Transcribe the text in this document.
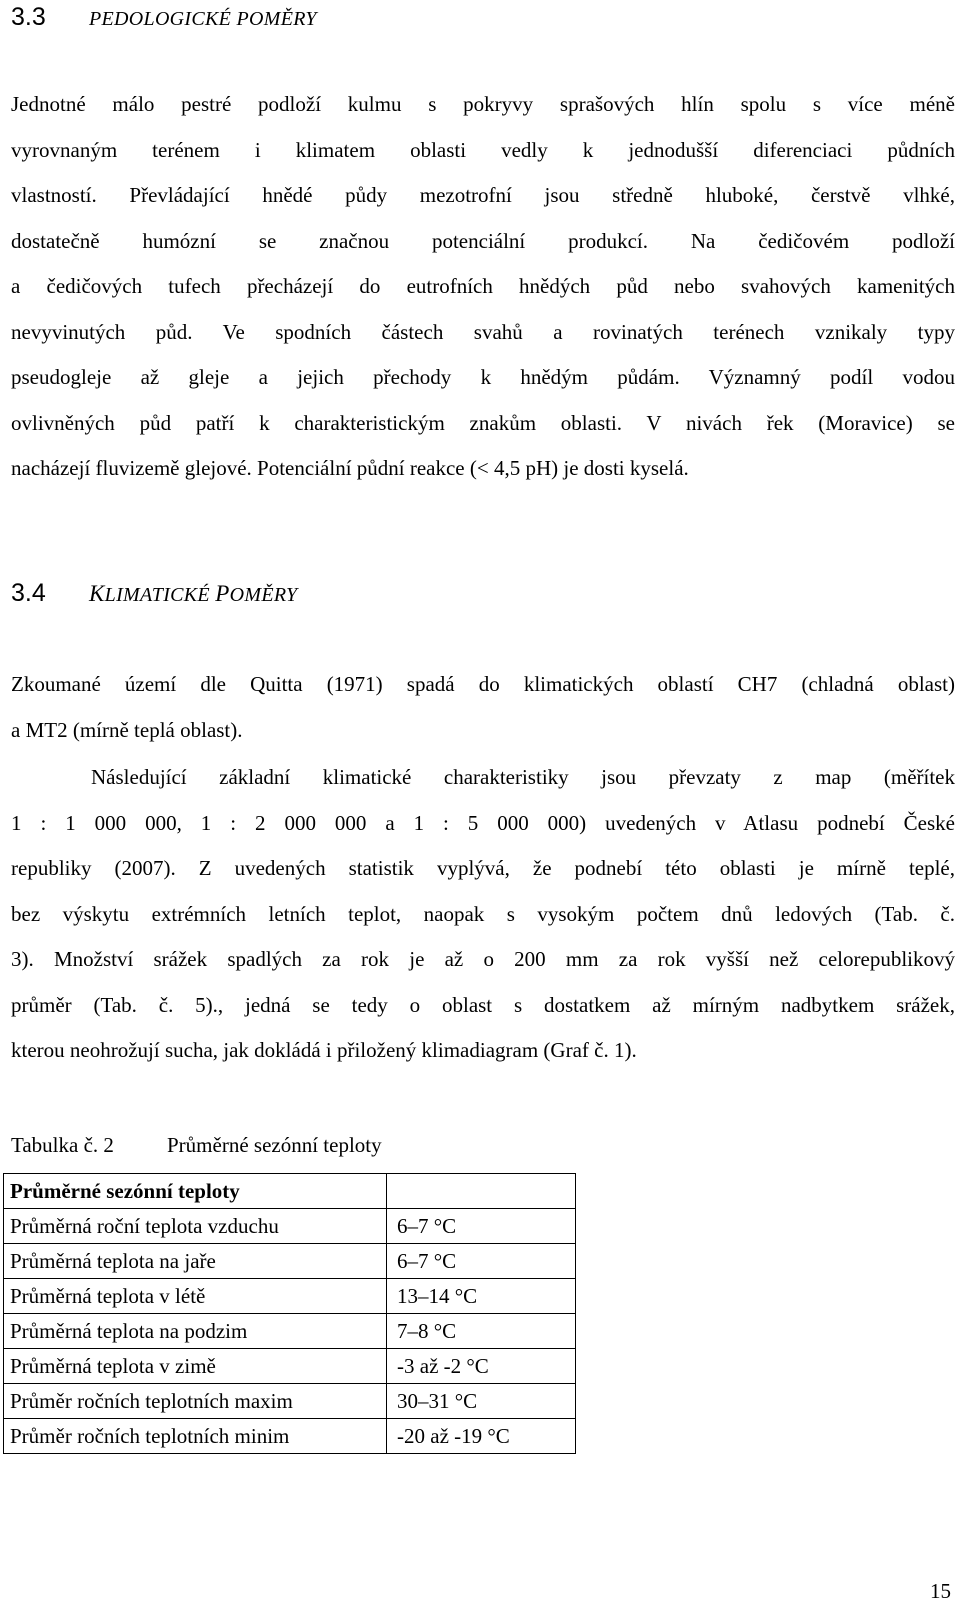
3.3 PEDOLOGICKÉ POMĚRY
Jednotné málo pestré podloží kulmu s pokryvy sprašových hlín spolu s více méně
vyrovnaným terénem i klimatem oblasti vedly k jednodušší diferenciaci půdních
vlastností. Převládající hnědé půdy mezotrofní jsou středně hluboké, čerstvě vlhké,
dostatečně humózní se značnou potenciální produkcí. Na čedičovém podloží
a čedičových tufech přecházejí do eutrofních hnědých půd nebo svahových kamenitých
nevyvinutých půd. Ve spodních částech svahů a rovinatých terénech vznikaly typy
pseudogleje až gleje a jejich přechody k hnědým půdám. Významný podíl vodou
ovlivněných půd patří k charakteristickým znakům oblasti. V nivách řek (Moravice) se
nacházejí fluvizemě glejové. Potenciální půdní reakce (< 4,5 pH) je dosti kyselá.
3.4 KLIMATICKÉ POMĚRY
Zkoumané území dle Quitta (1971) spadá do klimatických oblastí CH7 (chladná oblast)
a MT2 (mírně teplá oblast).
Následující základní klimatické charakteristiky jsou převzaty z map (měřítek
1 : 1 000 000, 1 : 2 000 000 a 1 : 5 000 000) uvedených v Atlasu podnebí České
republiky (2007). Z uvedených statistik vyplývá, že podnebí této oblasti je mírně teplé,
bez výskytu extrémních letních teplot, naopak s vysokým počtem dnů ledových (Tab. č.
3). Množství srážek spadlých za rok je až o 200 mm za rok vyšší než celorepublikový
průměr (Tab. č. 5)., jedná se tedy o oblast s dostatkem až mírným nadbytkem srážek,
kterou neohrožují sucha, jak dokládá i přiložený klimadiagram (Graf č. 1).
Tabulka č. 2	Průměrné sezónní teploty
Průměrné sezónní teploty	
Průměrná roční teplota vzduchu	6–7 °C
Průměrná teplota na jaře	6–7 °C
Průměrná teplota v létě	13–14 °C
Průměrná teplota na podzim	7–8 °C
Průměrná teplota v zimě	-3 až -2 °C
Průměr ročních teplotních maxim	30–31 °C
Průměr ročních teplotních minim	-20 až -19 °C
15
